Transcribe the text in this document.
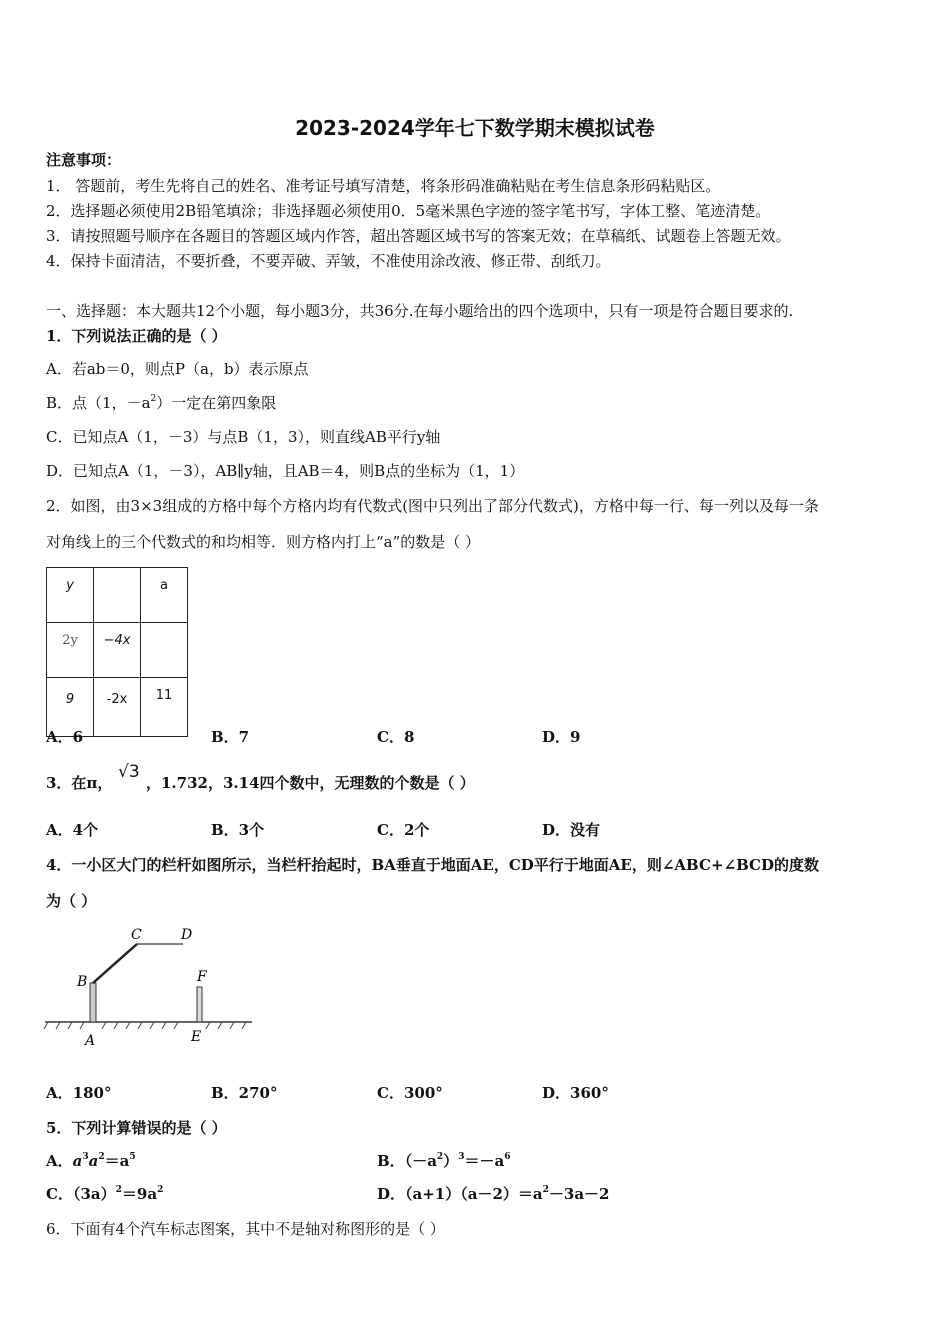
2023-2024学年七下数学期末模拟试卷
注意事项：
1． 答题前，考生先将自己的姓名、准考证号填写清楚，将条形码准确粘贴在考生信息条形码粘贴区。
2．选择题必须使用2B铅笔填涂；非选择题必须使用0．5毫米黑色字迹的签字笔书写，字体工整、笔迹清楚。
3．请按照题号顺序在各题目的答题区域内作答，超出答题区域书写的答案无效；在草稿纸、试题卷上答题无效。
4．保持卡面清洁，不要折叠，不要弄破、弄皱，不准使用涂改液、修正带、刮纸刀。
一、选择题：本大题共12个小题，每小题3分，共36分.在每小题给出的四个选项中，只有一项是符合题目要求的.
1．下列说法正确的是（ ）
A．若ab＝0，则点P（a，b）表示原点
B．点（1，$-a^2$）一定在第四象限
C．已知点A（1，－3）与点B（1，3），则直线AB平行y轴
D．已知点A（1，－3），AB∥y轴，且AB＝4，则B点的坐标为（1，1）
2．如图，由3×3组成的方格中每个方格内均有代数式(图中只列出了部分代数式)，方格中每一行、每一列以及每一条
对角线上的三个代数式的和均相等．则方格内打上“a”的数是（ ）
y		a
2y	−4x	
9	-2x	11
A．6	B．7	C．8	D．9
3．在π，
√3
，1.732，3.14四个数中，无理数的个数是（ ）
A．4个	B．3个	C．2个	D．没有
4．一小区大门的栏杆如图所示，当栏杆抬起时，BA垂直于地面AE，CD平行于地面AE，则∠ABC+∠BCD的度数
为（ ）
A
B
C	D
E
F
A．180°	B．270°	C．300°	D．360°
5．下列计算错误的是（ ）
A．$a^3a^2=a^5$	B．$(-a^2)^3=-a^6$
C．$(3a)^2=9a^2$	D．$(a+1)(a-2)=a^2-3a-2$
6．下面有4个汽车标志图案，其中不是轴对称图形的是（ ）
